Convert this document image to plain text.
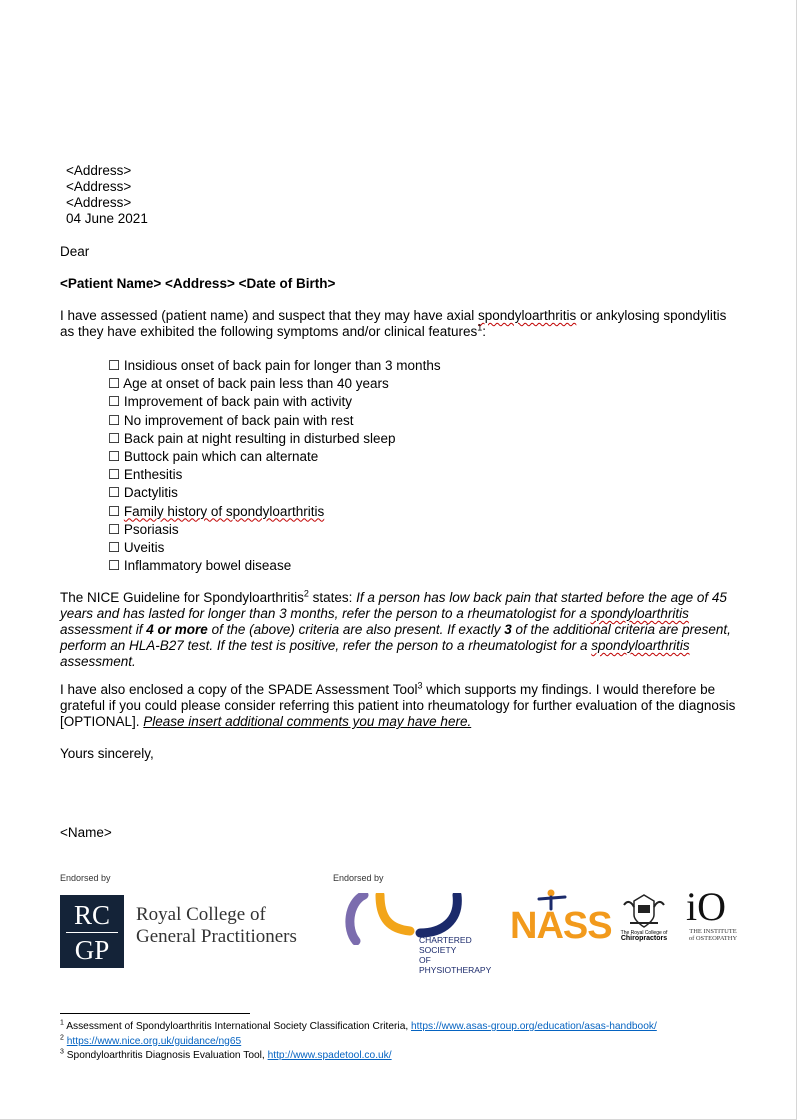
<Address>
<Address>
<Address>
04 June 2021
Dear
<Patient Name> <Address> <Date of Birth>
I have assessed (patient name) and suspect that they may have axial spondyloarthritis or ankylosing spondylitis as they have exhibited the following symptoms and/or clinical features$^1$:
☐ Insidious onset of back pain for longer than 3 months
☐ Age at onset of back pain less than 40 years
☐ Improvement of back pain with activity
☐ No improvement of back pain with rest
☐ Back pain at night resulting in disturbed sleep
☐ Buttock pain which can alternate
☐ Enthesitis
☐ Dactylitis
☐ Family history of spondyloarthritis
☐ Psoriasis
☐ Uveitis
☐ Inflammatory bowel disease
The NICE Guideline for Spondyloarthritis$^2$ states: If a person has low back pain that started before the age of 45 years and has lasted for longer than 3 months, refer the person to a rheumatologist for a spondyloarthritis assessment if 4 or more of the (above) criteria are also present. If exactly 3 of the additional criteria are present, perform an HLA-B27 test. If the test is positive, refer the person to a rheumatologist for a spondyloarthritis assessment.
I have also enclosed a copy of the SPADE Assessment Tool$^3$ which supports my findings. I would therefore be grateful if you could please consider referring this patient into rheumatology for further evaluation of the diagnosis [OPTIONAL]. Please insert additional comments you may have here.
Yours sincerely,
<Name>
Endorsed by	Endorsed by
RC
GP
Royal College of
General Practitioners	CHARTERED
SOCIETY
OF
PHYSIOTHERAPY
NASS The Royal College of
Chiropractors
iO
THE INSTITUTE
of OSTEOPATHY
$^1$ Assessment of Spondyloarthritis International Society Classification Criteria, https://www.asas-group.org/education/asas-handbook/
$^2$ https://www.nice.org.uk/guidance/ng65
$^3$ Spondyloarthritis Diagnosis Evaluation Tool, http://www.spadetool.co.uk/
